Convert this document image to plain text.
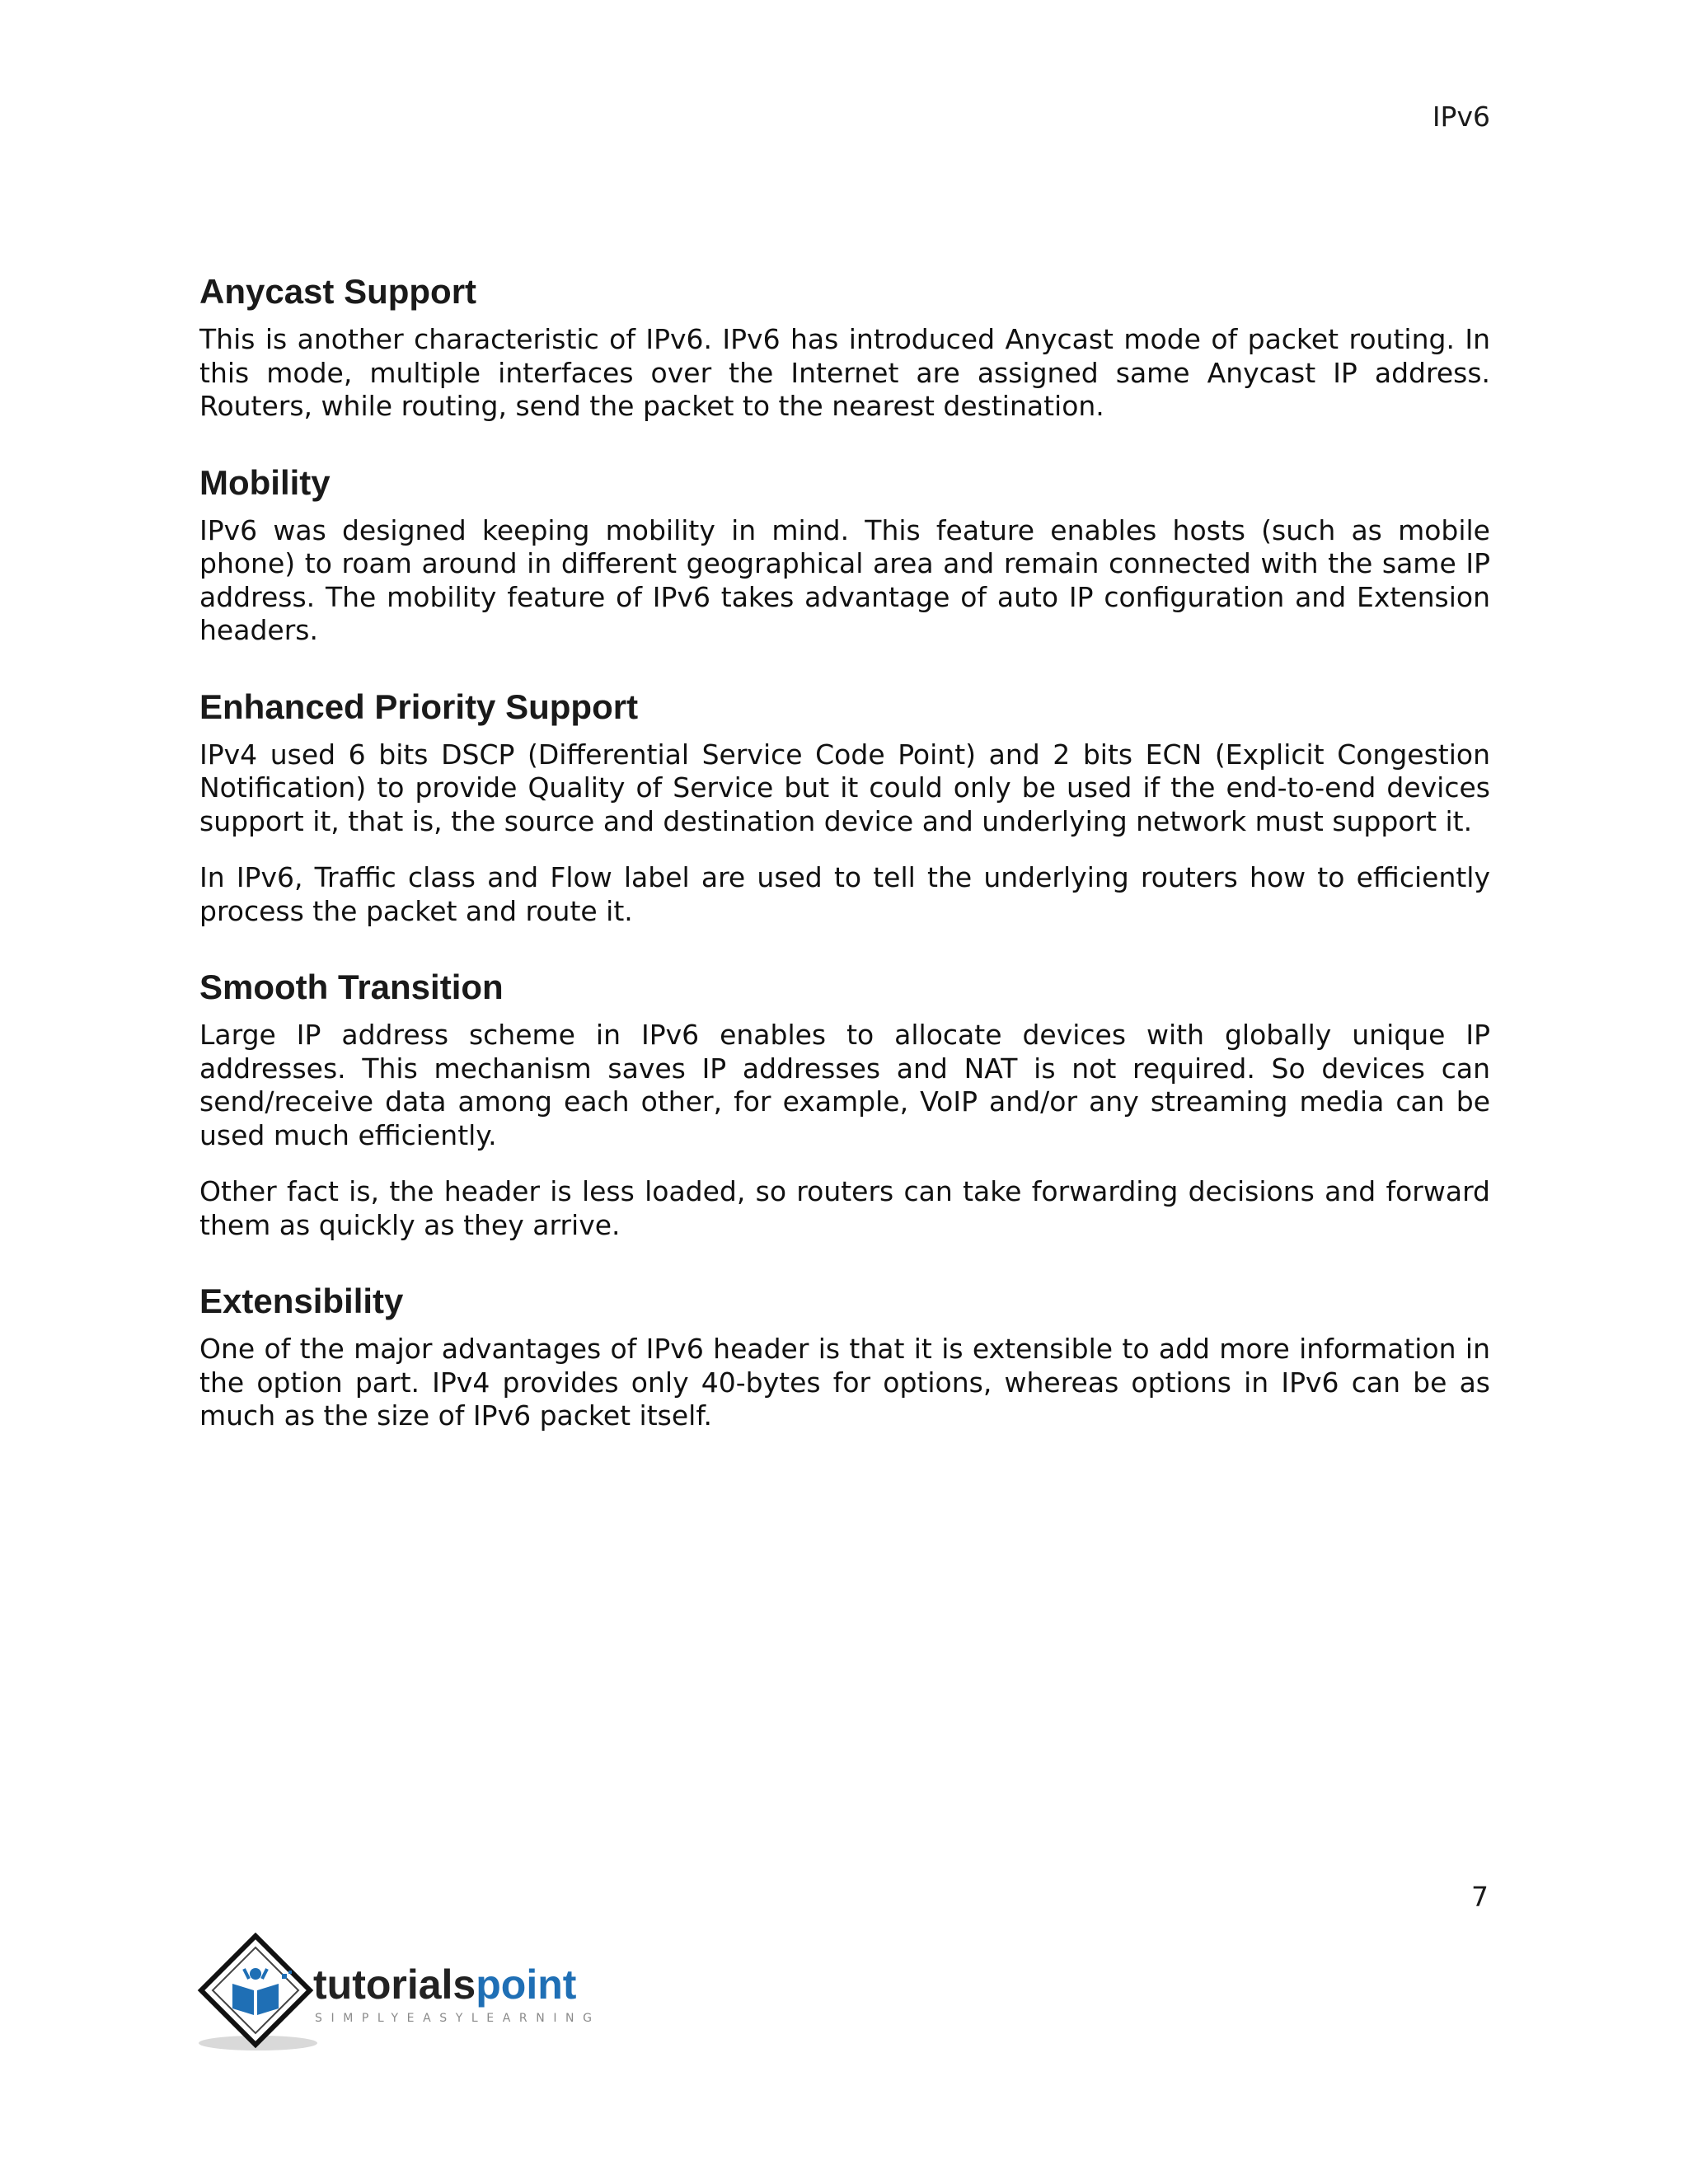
IPv6
Anycast Support

This is another characteristic of IPv6. IPv6 has introduced Anycast mode of packet routing. In this mode, multiple interfaces over the Internet are assigned same Anycast IP address. Routers, while routing, send the packet to the nearest destination.

Mobility

IPv6 was designed keeping mobility in mind. This feature enables hosts (such as mobile phone) to roam around in different geographical area and remain connected with the same IP address. The mobility feature of IPv6 takes advantage of auto IP configuration and Extension headers.

Enhanced Priority Support

IPv4 used 6 bits DSCP (Differential Service Code Point) and 2 bits ECN (Explicit Congestion Notification) to provide Quality of Service but it could only be used if the end-to-end devices support it, that is, the source and destination device and underlying network must support it.

In IPv6, Traffic class and Flow label are used to tell the underlying routers how to efficiently process the packet and route it.

Smooth Transition

Large IP address scheme in IPv6 enables to allocate devices with globally unique IP addresses. This mechanism saves IP addresses and NAT is not required. So devices can send/receive data among each other, for example, VoIP and/or any streaming media can be used much efficiently.

Other fact is, the header is less loaded, so routers can take forwarding decisions and forward them as quickly as they arrive.

Extensibility

One of the major advantages of IPv6 header is that it is extensible to add more information in the option part. IPv4 provides only 40-bytes for options, whereas options in IPv6 can be as much as the size of IPv6 packet itself.

7
tutorialspoint
SIMPLYEASYLEARNING
